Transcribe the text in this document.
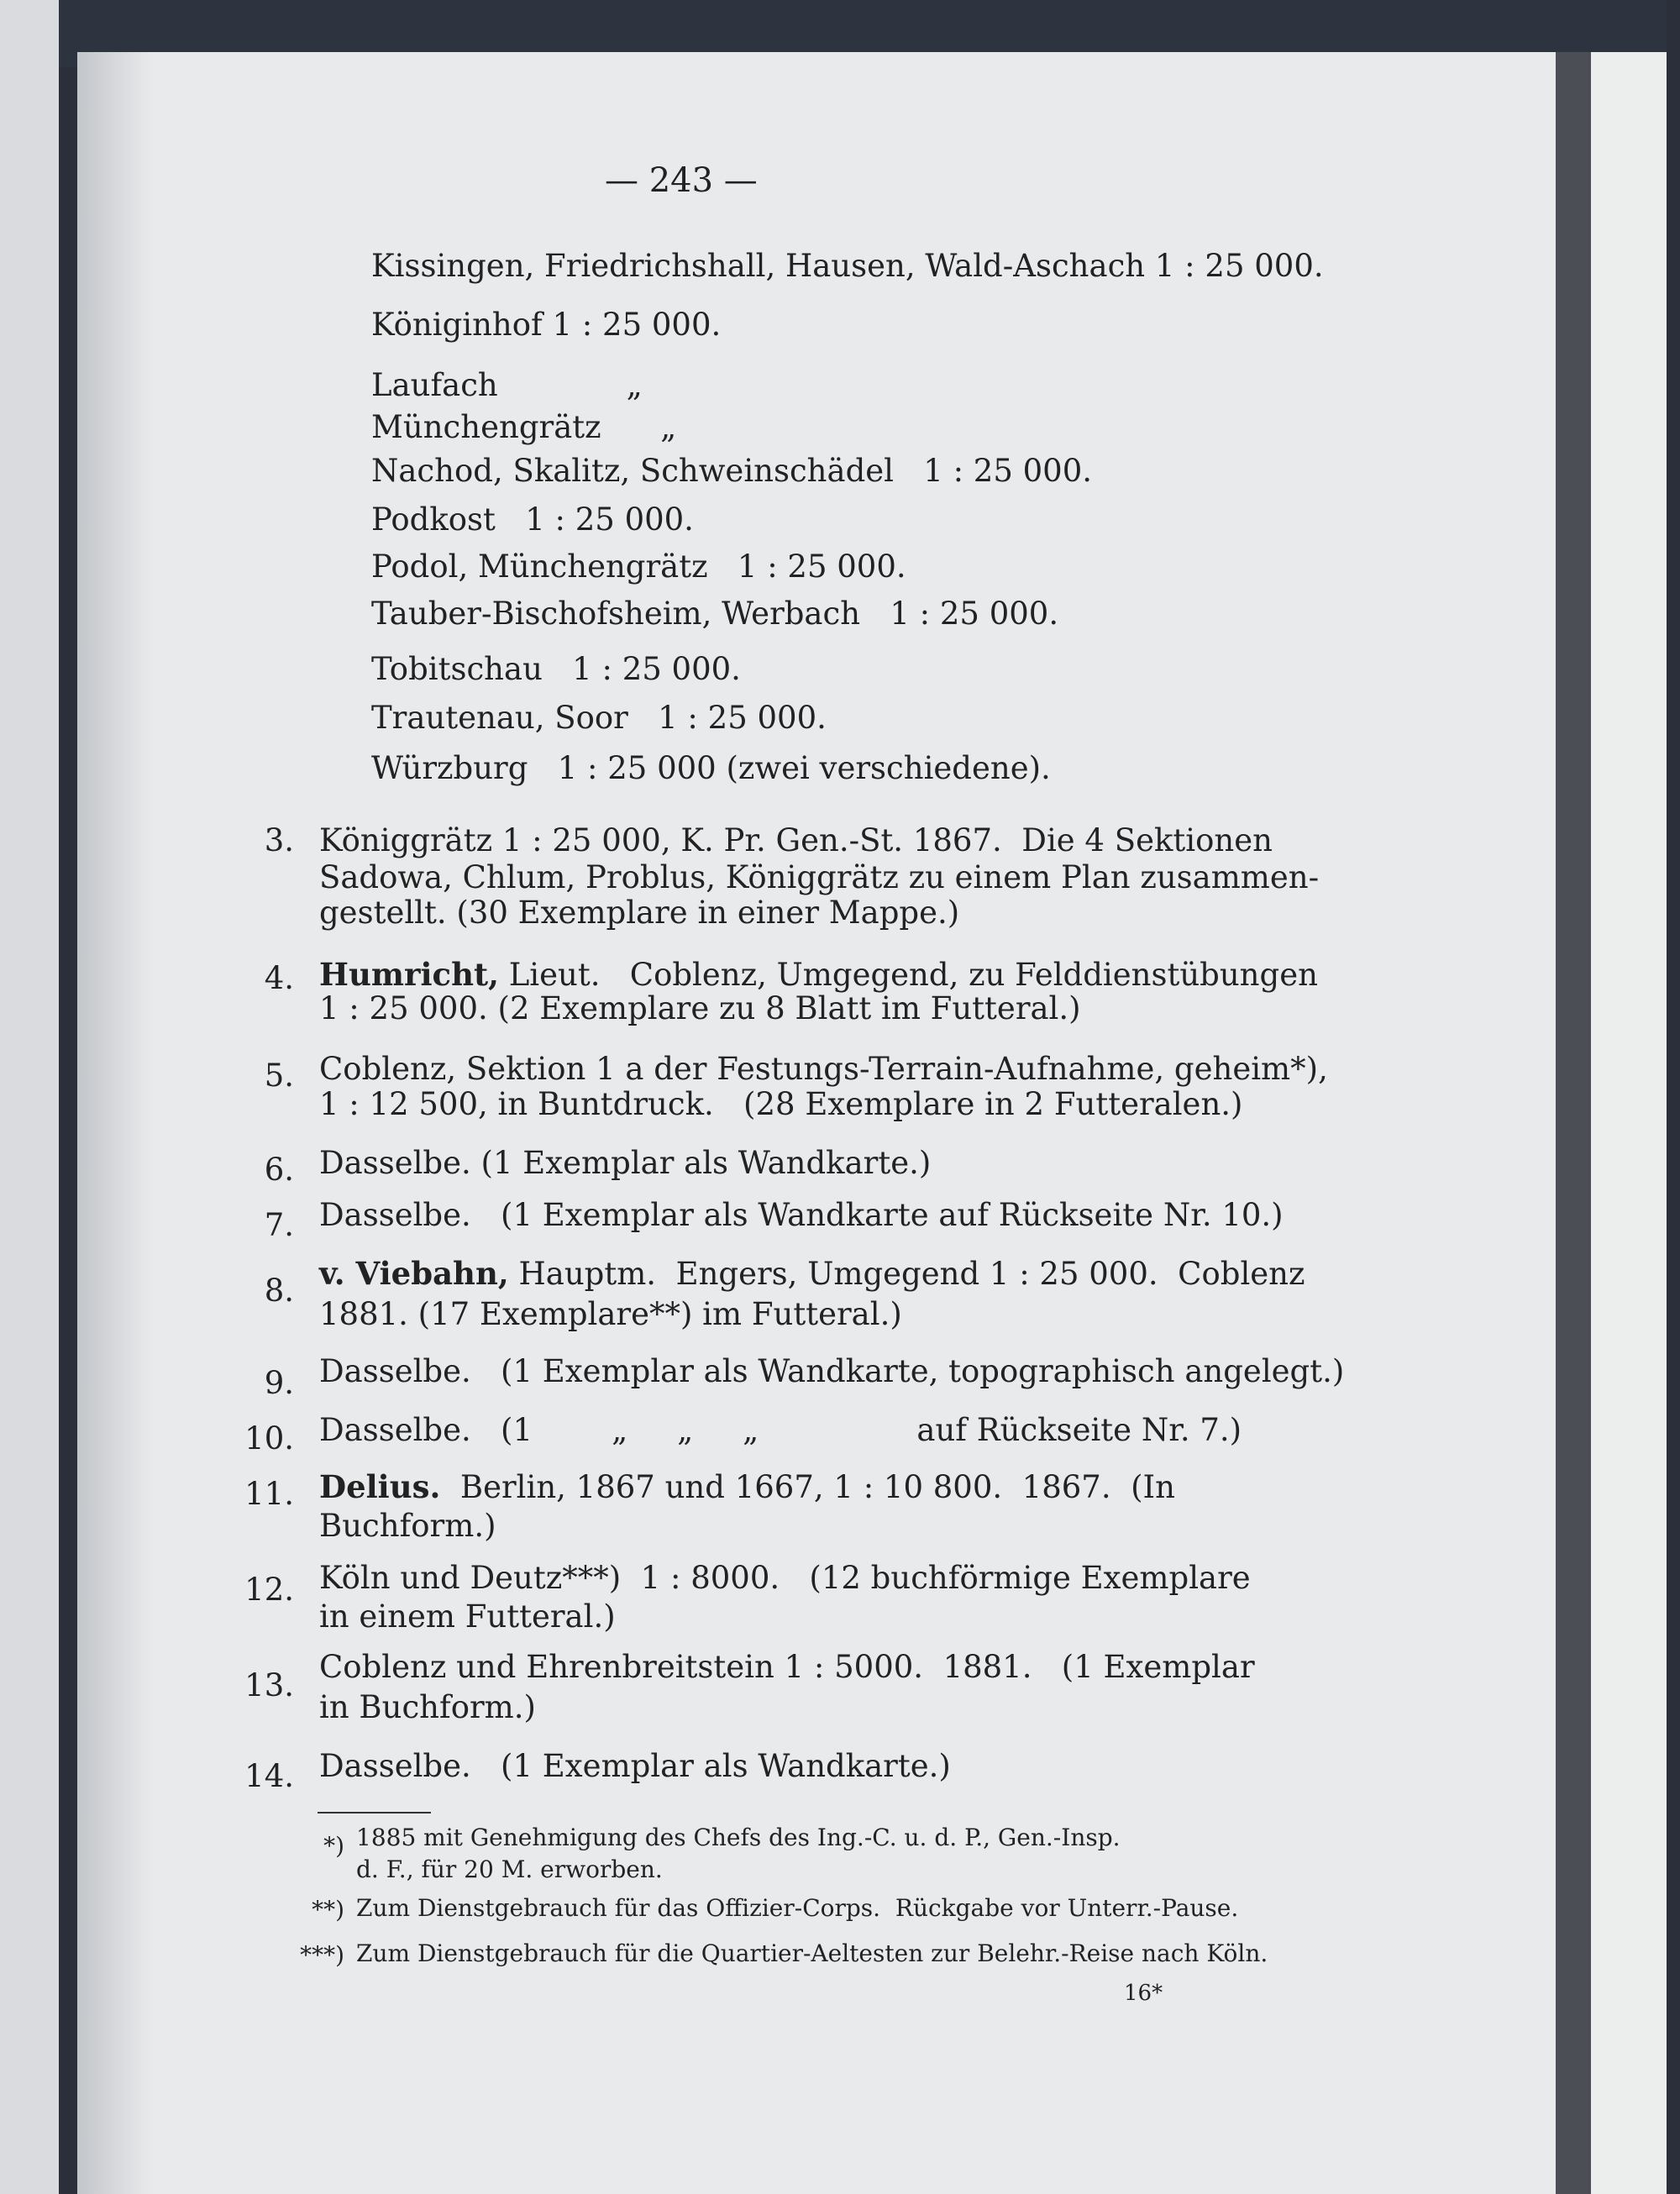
— 243 —
Kissingen, Friedrichshall, Hausen, Wald-Aschach 1 : 25 000.
Königinhof 1 : 25 000.
Laufach             „
Münchengrätz      „
Nachod, Skalitz, Schweinschädel   1 : 25 000.
Podkost   1 : 25 000.
Podol, Münchengrätz   1 : 25 000.
Tauber-Bischofsheim, Werbach   1 : 25 000.
Tobitschau   1 : 25 000.
Trautenau, Soor   1 : 25 000.
Würzburg   1 : 25 000 (zwei verschiedene).
3. Königgrätz 1 : 25 000, K. Pr. Gen.-St. 1867.  Die 4 Sektionen
Sadowa, Chlum, Problus, Königgrätz zu einem Plan zusammen-
gestellt. (30 Exemplare in einer Mappe.)
4. Humricht, Lieut.   Coblenz, Umgegend, zu Felddienstübungen
1 : 25 000. (2 Exemplare zu 8 Blatt im Futteral.)
5. Coblenz, Sektion 1 a der Festungs-Terrain-Aufnahme, geheim*),
1 : 12 500, in Buntdruck.   (28 Exemplare in 2 Futteralen.)
6. Dasselbe. (1 Exemplar als Wandkarte.)
7. Dasselbe.   (1 Exemplar als Wandkarte auf Rückseite Nr. 10.)
8. v. Viebahn, Hauptm.  Engers, Umgegend 1 : 25 000.  Coblenz
1881. (17 Exemplare**) im Futteral.)
9. Dasselbe.   (1 Exemplar als Wandkarte, topographisch angelegt.)
10. Dasselbe.   (1        „     „     „                auf Rückseite Nr. 7.)
11. Delius.  Berlin, 1867 und 1667, 1 : 10 800.  1867.  (In
Buchform.)
12. Köln und Deutz***)  1 : 8000.   (12 buchförmige Exemplare
in einem Futteral.)
13.
Coblenz und Ehrenbreitstein 1 : 5000.  1881.   (1 Exemplar
in Buchform.)
14. Dasselbe.   (1 Exemplar als Wandkarte.)
*) 1885 mit Genehmigung des Chefs des Ing.-C. u. d. P., Gen.-Insp.
d. F., für 20 M. erworben.
**) Zum Dienstgebrauch für das Offizier-Corps.  Rückgabe vor Unterr.-Pause.
***) Zum Dienstgebrauch für die Quartier-Aeltesten zur Belehr.-Reise nach Köln.
16*
